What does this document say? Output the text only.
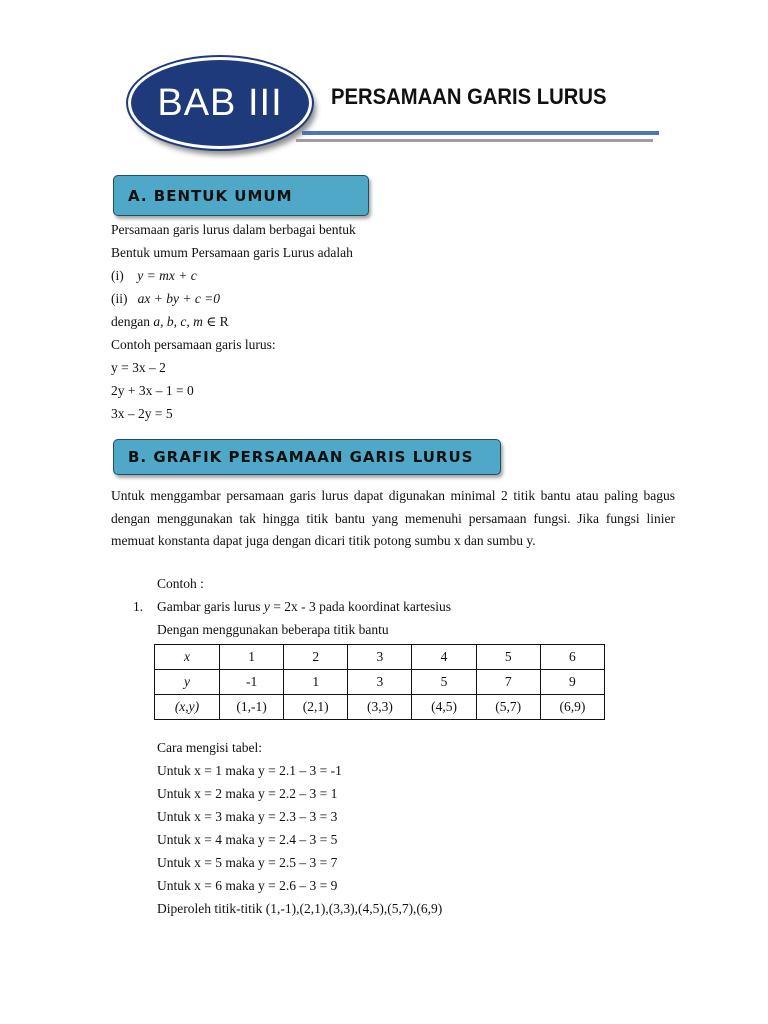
BAB III PERSAMAAN GARIS LURUS
A. BENTUK UMUM
Persamaan garis lurus dalam berbagai bentuk
Bentuk umum Persamaan garis Lurus adalah
(i) y = mx + c
(ii) ax + by + c =0
dengan a, b, c, m ∈ R
Contoh persamaan garis lurus:
y = 3x – 2
2y + 3x – 1 = 0
3x – 2y = 5
B. GRAFIK PERSAMAAN GARIS LURUS

Untuk menggambar persamaan garis lurus dapat digunakan minimal 2 titik bantu atau paling bagus dengan menggunakan tak hingga titik bantu yang memenuhi persamaan fungsi. Jika fungsi linier memuat konstanta dapat juga dengan dicari titik potong sumbu x dan sumbu y.

Contoh :
1. Gambar garis lurus y = 2x - 3 pada koordinat kartesius
Dengan menggunakan beberapa titik bantu
x	1	2	3	4	5	6
y	-1	1	3	5	7	9
(x,y)	(1,-1)	(2,1)	(3,3)	(4,5)	(5,7)	(6,9)
Cara mengisi tabel:
Untuk x = 1 maka y = 2.1 – 3 = -1
Untuk x = 2 maka y = 2.2 – 3 = 1
Untuk x = 3 maka y = 2.3 – 3 = 3
Untuk x = 4 maka y = 2.4 – 3 = 5
Untuk x = 5 maka y = 2.5 – 3 = 7
Untuk x = 6 maka y = 2.6 – 3 = 9
Diperoleh titik-titik (1,-1),(2,1),(3,3),(4,5),(5,7),(6,9)
